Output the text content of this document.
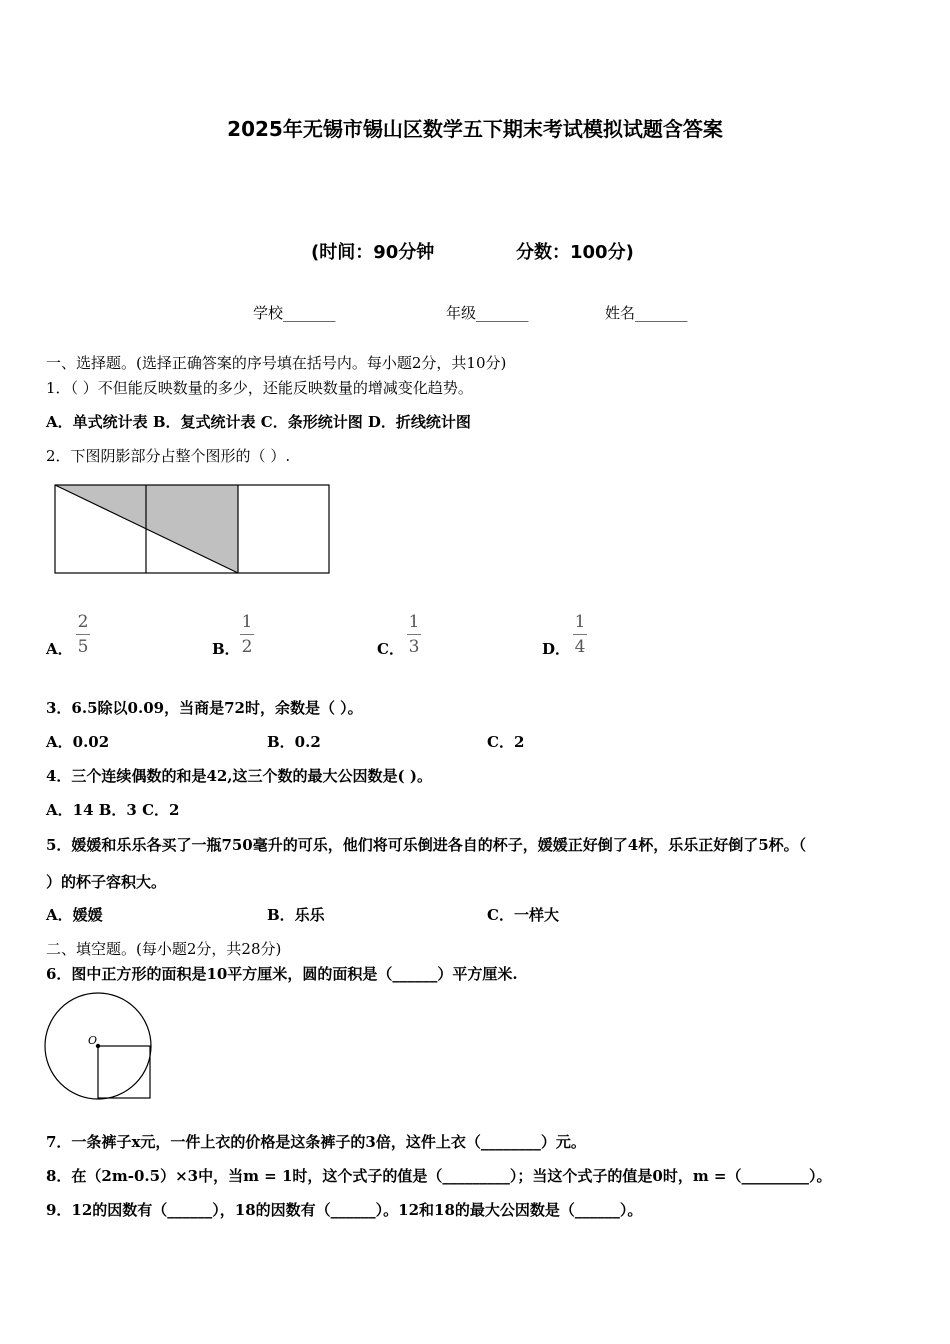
2025年无锡市锡山区数学五下期末考试模拟试题含答案
(时间：90分钟	分数：100分)
学校_______	年级_______	姓名_______
一、选择题。(选择正确答案的序号填在括号内。每小题2分，共10分)
1．（ ）不但能反映数量的多少，还能反映数量的增减变化趋势。
A．单式统计表 B．复式统计表 C．条形统计图 D．折线统计图
2．下图阴影部分占整个图形的（ ）.
A．
2
5	B．
1
2	C．
1
3	D．
1
4
3．6.5除以0.09，当商是72时，余数是（ ）。
A．0.02	B．0.2	C．2
4．三个连续偶数的和是42,这三个数的最大公因数是( )。
A．14 B．3 C．2
5．媛媛和乐乐各买了一瓶750毫升的可乐，他们将可乐倒进各自的杯子，媛媛正好倒了4杯，乐乐正好倒了5杯。（
）的杯子容积大。
A．媛媛	B．乐乐	C．一样大
二、填空题。(每小题2分，共28分)
6．图中正方形的面积是10平方厘米，圆的面积是（______）平方厘米.
O
7．一条裤子x元，一件上衣的价格是这条裤子的3倍，这件上衣（________）元。
8．在（2m-0.5）×3中，当m = 1时，这个式子的值是（_________）；当这个式子的值是0时，m =（_________）。
9．12的因数有（______），18的因数有（______）。12和18的最大公因数是（______）。
